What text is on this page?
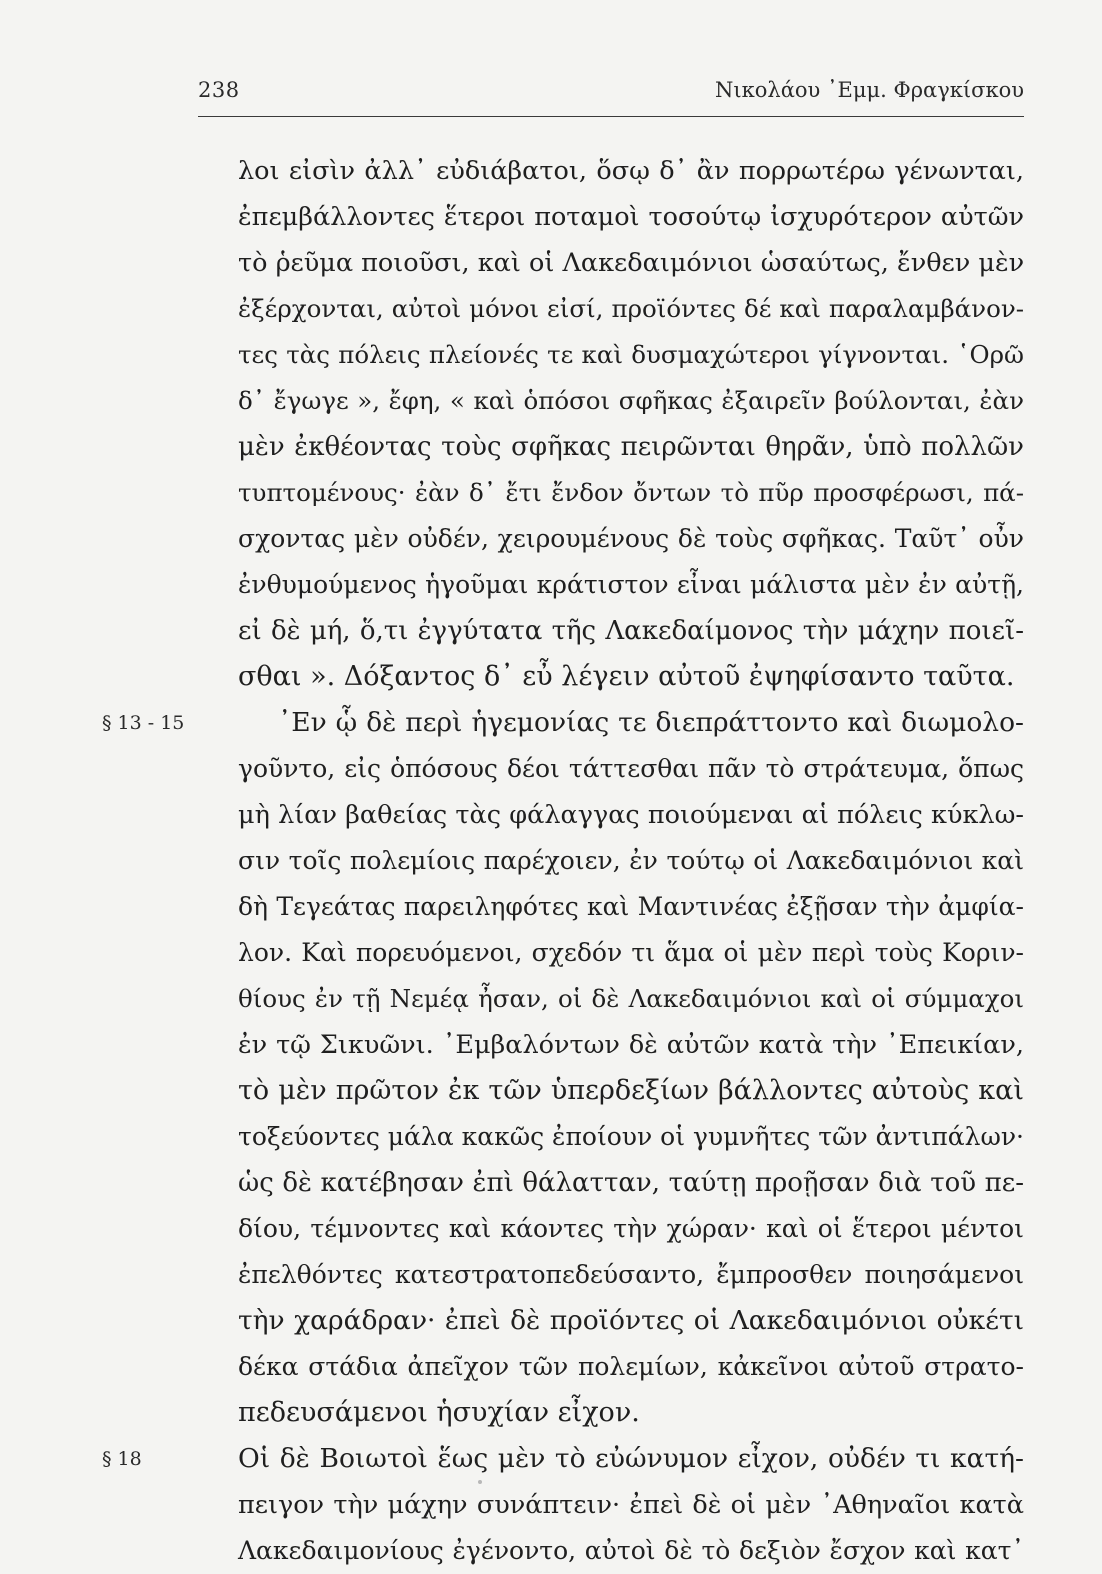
238	Νικολάου ᾿Εμμ. Φραγκίσκου
λοι εἰσὶν ἀλλ᾿ εὐδιάβατοι, ὅσῳ δ᾿ ἂν πορρωτέρω γένωνται,
ἐπεμβάλλοντες ἕτεροι ποταμοὶ τοσούτῳ ἰσχυρότερον αὐτῶν
τὸ ῥεῦμα ποιοῦσι, καὶ οἱ Λακεδαιμόνιοι ὡσαύτως, ἔνθεν μὲν
ἐξέρχονται, αὐτοὶ μόνοι εἰσί, προϊόντες δέ καὶ παραλαμβάνον-
τες τὰς πόλεις πλείονές τε καὶ δυσμαχώτεροι γίγνονται. ῾Ορῶ
δ᾿ ἔγωγε », ἔφη, « καὶ ὁπόσοι σφῆκας ἐξαιρεῖν βούλονται, ἐὰν
μὲν ἐκθέοντας τοὺς σφῆκας πειρῶνται θηρᾶν, ὑπὸ πολλῶν
τυπτομένους· ἐὰν δ᾿ ἔτι ἔνδον ὄντων τὸ πῦρ προσφέρωσι, πά-
σχοντας μὲν οὐδέν, χειρουμένους δὲ τοὺς σφῆκας. Ταῦτ᾿ οὖν
ἐνθυμούμενος ἡγοῦμαι κράτιστον εἶναι μάλιστα μὲν ἐν αὐτῇ,
εἰ δὲ μή, ὅ,τι ἐγγύτατα τῆς Λακεδαίμονος τὴν μάχην ποιεῖ-
σθαι ». Δόξαντος δ᾿ εὖ λέγειν αὐτοῦ ἐψηφίσαντο ταῦτα.
᾿Εν ᾧ δὲ περὶ ἡγεμονίας τε διεπράττοντο καὶ διωμολο-
§ 13 - 15
γοῦντο, εἰς ὁπόσους δέοι τάττεσθαι πᾶν τὸ στράτευμα, ὅπως
μὴ λίαν βαθείας τὰς φάλαγγας ποιούμεναι αἱ πόλεις κύκλω-
σιν τοῖς πολεμίοις παρέχοιεν, ἐν τούτῳ οἱ Λακεδαιμόνιοι καὶ
δὴ Τεγεάτας παρειληφότες καὶ Μαντινέας ἐξῇσαν τὴν ἀμφία-
λον. Καὶ πορευόμενοι, σχεδόν τι ἅμα οἱ μὲν περὶ τοὺς Κοριν-
θίους ἐν τῇ Νεμέᾳ ἦσαν, οἱ δὲ Λακεδαιμόνιοι καὶ οἱ σύμμαχοι
ἐν τῷ Σικυῶνι. ᾿Εμβαλόντων δὲ αὐτῶν κατὰ τὴν ᾿Επεικίαν,
τὸ μὲν πρῶτον ἐκ τῶν ὑπερδεξίων βάλλοντες αὐτοὺς καὶ
τοξεύοντες μάλα κακῶς ἐποίουν οἱ γυμνῆτες τῶν ἀντιπάλων·
ὡς δὲ κατέβησαν ἐπὶ θάλατταν, ταύτῃ προῇσαν διὰ τοῦ πε-
δίου, τέμνοντες καὶ κάοντες τὴν χώραν· καὶ οἱ ἕτεροι μέντοι
ἐπελθόντες κατεστρατοπεδεύσαντο, ἔμπροσθεν ποιησάμενοι
τὴν χαράδραν· ἐπεὶ δὲ προϊόντες οἱ Λακεδαιμόνιοι οὐκέτι
δέκα στάδια ἀπεῖχον τῶν πολεμίων, κἀκεῖνοι αὐτοῦ στρατο-
πεδευσάμενοι ἡσυχίαν εἶχον.
Οἱ δὲ Βοιωτοὶ ἕως μὲν τὸ εὐώνυμον εἶχον, οὐδέν τι κατή-
§ 18
πειγον τὴν μάχην συνάπτειν· ἐπεὶ δὲ οἱ μὲν ᾿Αθηναῖοι κατὰ
Λακεδαιμονίους ἐγένοντο, αὐτοὶ δὲ τὸ δεξιὸν ἔσχον καὶ κατ᾿
